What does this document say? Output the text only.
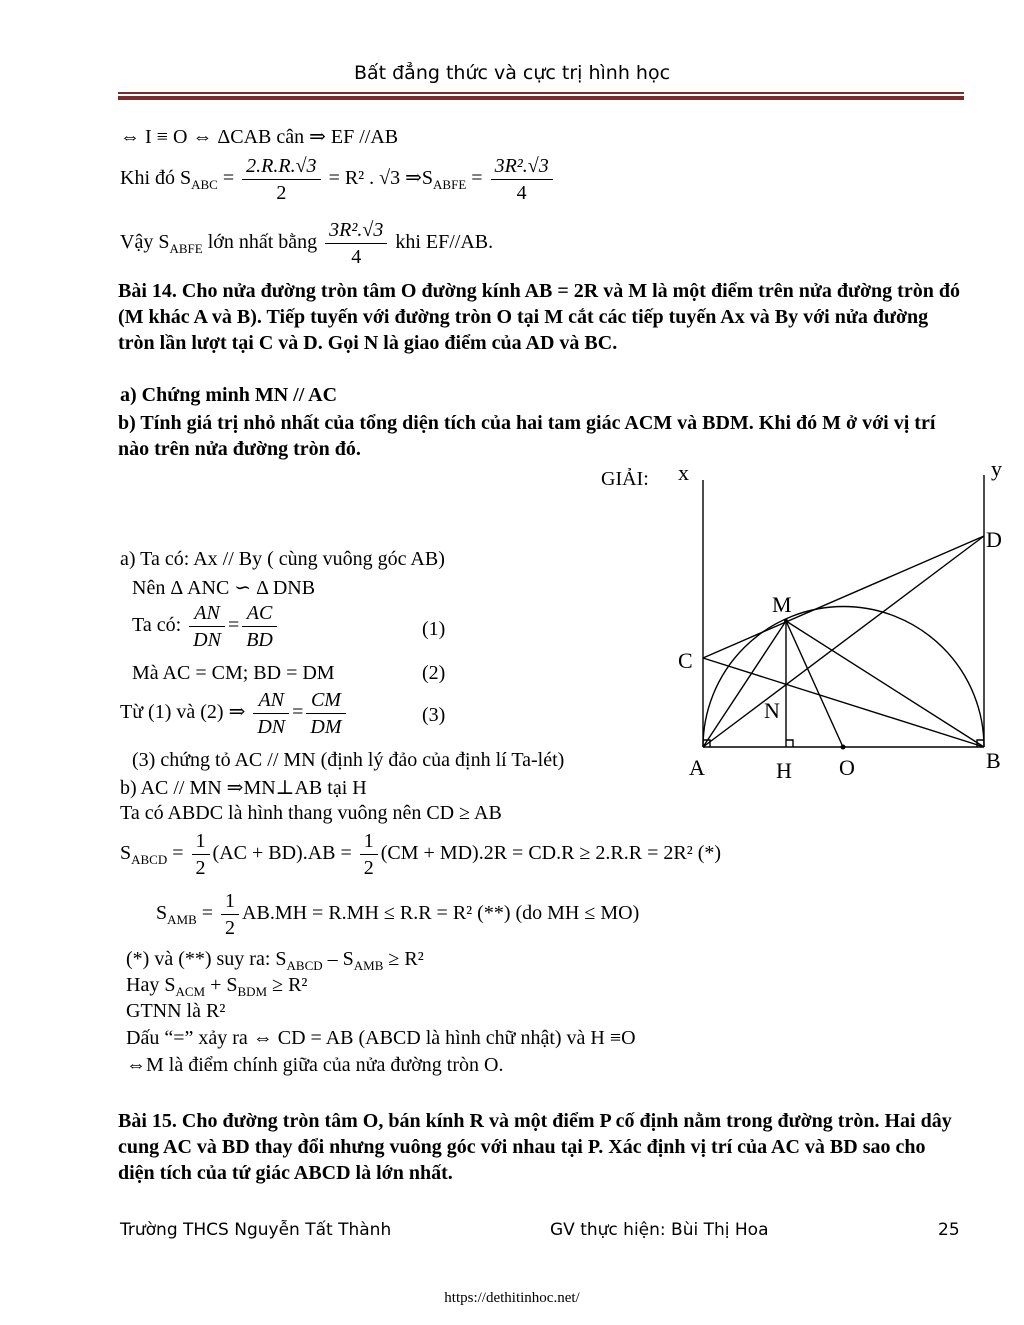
Bất đẳng thức và cực trị hình học
⇔ I ≡ O ⇔ ΔCAB cân ⇒ EF //AB
Khi đó $S_{ABC} = \frac{2.R.R.√3}{2} = R^2$ . √3 $\Rightarrow S_{ABFE} = \frac{\text{3R².√3}}{4}$
Vậy $S_{ABFE}$ lớn nhất bằng $\frac{\text{3R².√3}}{4}$ khi EF//AB.
Bài 14. Cho nửa đường tròn tâm O đường kính AB = 2R và M là một điểm trên nửa đường tròn đó (M khác A và B). Tiếp tuyến với đường tròn O tại M cắt các tiếp tuyến Ax và By với nửa đường tròn lần lượt tại C và D. Gọi N là giao điểm của AD và BC.
a) Chứng minh MN // AC
b) Tính giá trị nhỏ nhất của tổng diện tích của hai tam giác ACM và BDM. Khi đó M ở với vị trí nào trên nửa đường tròn đó.
GIẢI:
a) Ta có: Ax // By ( cùng vuông góc AB)
Nên Δ ANC ∽ Δ DNB
Ta có: $\frac{AN}{DN} = \frac{AC}{BD}$	(1)
Mà AC = CM; BD = DM	(2)
Từ (1) và (2) ⇒ $\frac{AN}{DN} = \frac{CM}{DM}$	(3)
(3) chứng tỏ AC // MN (định lý đảo của định lí Ta-lét)
b) AC // MN ⇒MN⊥AB tại H
Ta có ABDC là hình thang vuông nên CD ≥ AB
$S_{ABCD} = \frac{1}{2} (AC + BD).AB = \frac{1}{2} (CM + MD).2R = CD.R \ge 2.R.R = 2R^2$ (*)
$S_{AMB} = \frac{1}{2} AB.MH = R.MH \le R.R = R^2$ (**) (do MH ≤ MO)
(*) và (**) suy ra: $S_{ABCD} - S_{AMB} \ge R^2$
Hay $S_{ACM} + S_{BDM} \ge R^2$
GTNN là R²
Dấu “=” xảy ra ⇔ CD = AB (ABCD là hình chữ nhật) và H ≡O
⇔M là điểm chính giữa của nửa đường tròn O.
Bài 15. Cho đường tròn tâm O, bán kính R và một điểm P cố định nằm trong đường tròn. Hai dây cung AC và BD thay đổi nhưng vuông góc với nhau tại P. Xác định vị trí của AC và BD sao cho diện tích của tứ giác ABCD là lớn nhất.
Trường THCS Nguyễn Tất Thành	GV thực hiện: Bùi Thị Hoa	25
https://dethitinhoc.net/
x	y
D
M
C
N
A	H O	B
